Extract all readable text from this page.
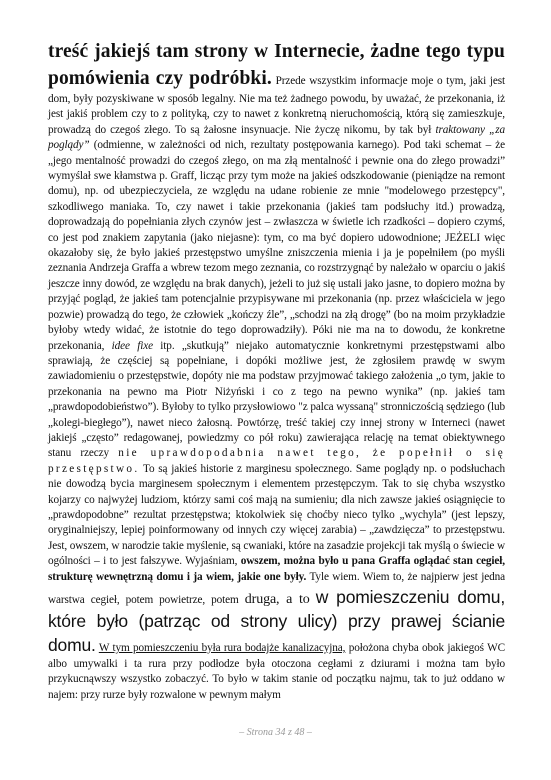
treść jakiejś tam strony w Internecie, żadne tego typu pomówienia czy podróbki. Przede wszystkim informacje moje o tym, jaki jest dom, były pozyskiwane w sposób legalny. Nie ma też żadnego powodu, by uważać, że przekonania, iż jest jakiś problem czy to z polityką, czy to nawet z konkretną nieruchomością, którą się zamieszkuje, prowadzą do czegoś złego. To są żałosne insynuacje. Nie życzę nikomu, by tak był traktowany „za poglądy” (odmienne, w zależności od nich, rezultaty postępowania karnego). Pod taki schemat – że „jego mentalność prowadzi do czegoś złego, on ma złą mentalność i pewnie ona do złego prowadzi” wymyślał swe kłamstwa p. Graff, licząc przy tym może na jakieś odszkodowanie (pieniądze na remont domu), np. od ubezpieczyciela, ze względu na udane robienie ze mnie "modelowego przestępcy", szkodliwego maniaka. To, czy nawet i takie przekonania (jakieś tam podsłuchy itd.) prowadzą, doprowadzają do popełniania złych czynów jest – zwłaszcza w świetle ich rzadkości – dopiero czymś, co jest pod znakiem zapytania (jako niejasne): tym, co ma być dopiero udowodnione; JEŻELI więc okazałoby się, że było jakieś przestępstwo umyślne zniszczenia mienia i ja je popełniłem (po myśli zeznania Andrzeja Graffa a wbrew tezom mego zeznania, co rozstrzygnąć by należało w oparciu o jakiś jeszcze inny dowód, ze względu na brak danych), jeżeli to już się ustali jako jasne, to dopiero można by przyjąć pogląd, że jakieś tam potencjalnie przypisywane mi przekonania (np. przez właściciela w jego pozwie) prowadzą do tego, że człowiek „kończy źle”, „schodzi na złą drogę” (bo na moim przykładzie byłoby wtedy widać, że istotnie do tego doprowadziły). Póki nie ma na to dowodu, że konkretne przekonania, idee fixe itp. „skutkują” niejako automatycznie konkretnymi przestępstwami albo sprawiają, że częściej są popełniane, i dopóki możliwe jest, że zgłosiłem prawdę w swym zawiadomieniu o przestępstwie, dopóty nie ma podstaw przyjmować takiego założenia „o tym, jakie to przekonania na pewno ma Piotr Niżyński i co z tego na pewno wynika” (np. jakieś tam „prawdopodobieństwo”). Byłoby to tylko przysłowiowo "z palca wyssaną" stronniczością sędziego (lub „kolegi-biegłego”), nawet nieco żałosną. Powtórzę, treść takiej czy innej strony w Interneci (nawet jakiejś „często” redagowanej, powiedzmy co pół roku) zawierająca relację na temat obiektywnego stanu rzeczy nie uprawdopodabnia nawet tego, że popełnił o się przestępstwo. To są jakieś historie z marginesu społecznego. Same poglądy np. o podsłuchach nie dowodzą bycia marginesem społecznym i elementem przestępczym. Tak to się chyba wszystko kojarzy co najwyżej ludziom, którzy sami coś mają na sumieniu; dla nich zawsze jakieś osiągnięcie to „prawdopodobne” rezultat przestępstwa; ktokolwiek się choćby nieco tylko „wychyla” (jest lepszy, oryginalniejszy, lepiej poinformowany od innych czy więcej zarabia) – „zawdzięcza” to przestępstwu. Jest, owszem, w narodzie takie myślenie, są cwaniaki, które na zasadzie projekcji tak myślą o świecie w ogólności – i to jest fałszywe. Wyjaśniam, owszem, można było u pana Graffa oglądać stan cegieł, strukturę wewnętrzną domu i ja wiem, jakie one były. Tyle wiem. Wiem to, że najpierw jest jedna warstwa cegieł, potem powietrze, potem druga, a to w pomieszczeniu domu, które było (patrząc od strony ulicy) przy prawej ścianie domu. W tym pomieszczeniu była rura bodajże kanalizacyjna, położona chyba obok jakiegoś WC albo umywalki i ta rura przy podłodze była otoczona cegłami z dziurami i można tam było przykucnąwszy wszystko zobaczyć. To było w takim stanie od początku najmu, tak to już oddano w najem: przy rurze były rozwalone w pewnym małym

– Strona 34 z 48 –
